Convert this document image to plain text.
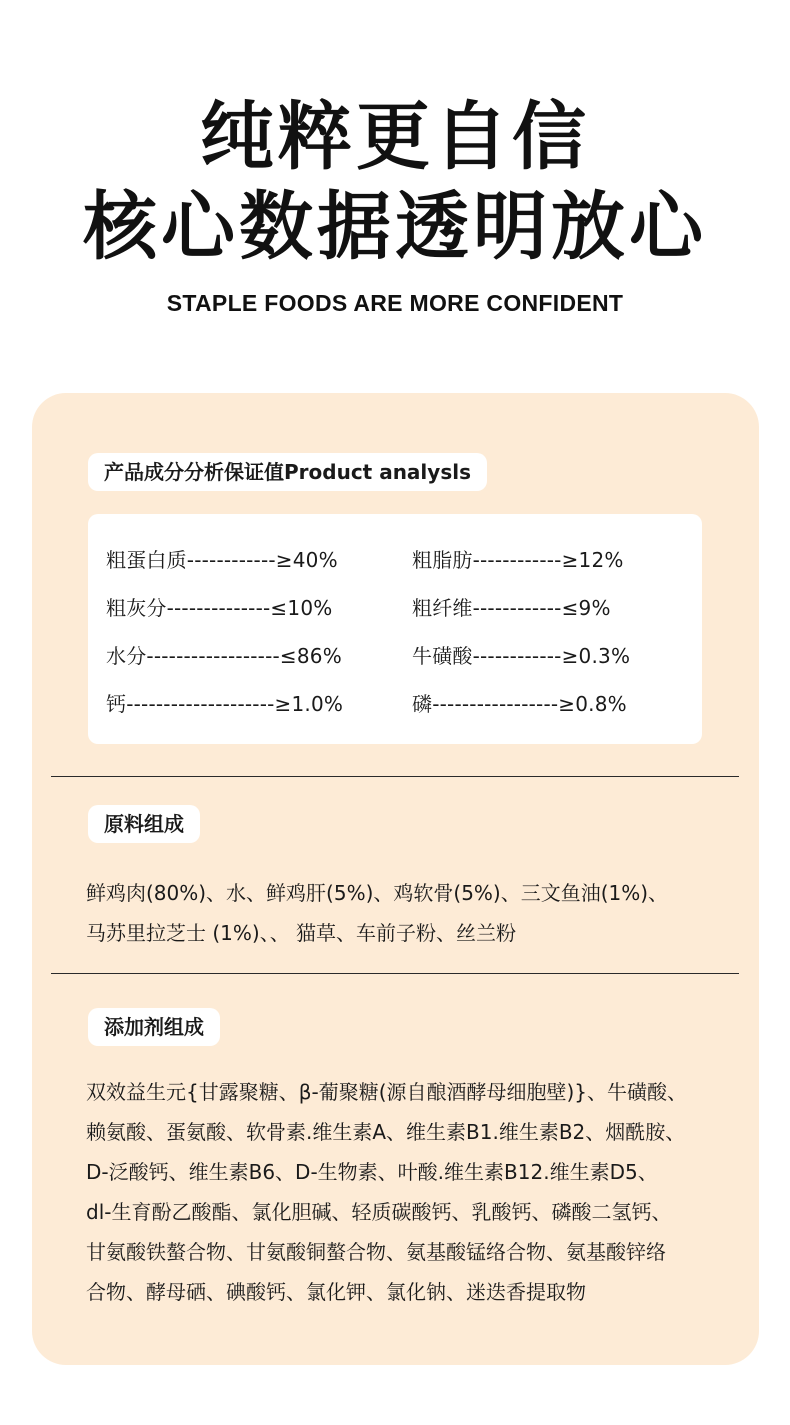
纯粹更自信
核心数据透明放心
STAPLE FOODS ARE MORE CONFIDENT
产品成分分析保证值Product analysls
粗蛋白质------------≥40%	粗脂肪------------≥12%
粗灰分--------------≤10%	粗纤维------------≤9%
水分------------------≤86%	牛磺酸------------≥0.3%
钙--------------------≥1.0%	磷-----------------≥0.8%
原料组成
鲜鸡肉(80%)、水、鲜鸡肝(5%)、鸡软骨(5%)、三文鱼油(1%)、
马苏里拉芝士 (1%)、、 猫草、车前子粉、丝兰粉
添加剂组成
双效益生元{甘露聚糖、β-葡聚糖(源自酿酒酵母细胞壁)}、牛磺酸、
赖氨酸、蛋氨酸、软骨素.维生素A、维生素B1.维生素B2、烟酰胺、
D-泛酸钙、维生素B6、D-生物素、叶酸.维生素B12.维生素D5、
dl-生育酚乙酸酯、氯化胆碱、轻质碳酸钙、乳酸钙、磷酸二氢钙、
甘氨酸铁螯合物、甘氨酸铜螯合物、氨基酸锰络合物、氨基酸锌络
合物、酵母硒、碘酸钙、氯化钾、氯化钠、迷迭香提取物
